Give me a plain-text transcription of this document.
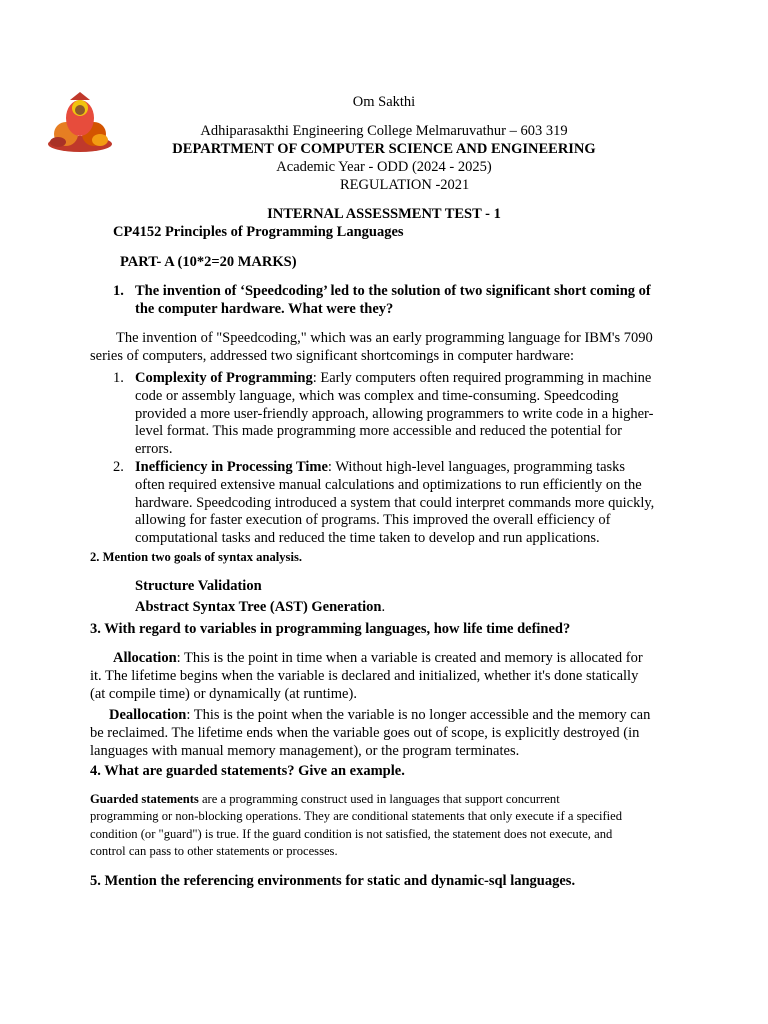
Om Sakthi
Adhiparasakthi Engineering College Melmaruvathur – 603 319
DEPARTMENT OF COMPUTER SCIENCE AND ENGINEERING
Academic Year - ODD (2024 - 2025)
REGULATION -2021
INTERNAL ASSESSMENT TEST - 1
CP4152 Principles of Programming Languages
PART- A (10*2=20 MARKS)
1. The invention of ‘Speedcoding’ led to the solution of two significant short coming of
the computer hardware. What were they?
The invention of "Speedcoding," which was an early programming language for IBM's 7090
series of computers, addressed two significant shortcomings in computer hardware:
1. Complexity of Programming: Early computers often required programming in machine
code or assembly language, which was complex and time-consuming. Speedcoding
provided a more user-friendly approach, allowing programmers to write code in a higher-
level format. This made programming more accessible and reduced the potential for
errors.
2. Inefficiency in Processing Time: Without high-level languages, programming tasks
often required extensive manual calculations and optimizations to run efficiently on the
hardware. Speedcoding introduced a system that could interpret commands more quickly,
allowing for faster execution of programs. This improved the overall efficiency of
computational tasks and reduced the time taken to develop and run applications.
2. Mention two goals of syntax analysis.
Structure Validation
Abstract Syntax Tree (AST) Generation.
3. With regard to variables in programming languages, how life time defined?
Allocation: This is the point in time when a variable is created and memory is allocated for
it. The lifetime begins when the variable is declared and initialized, whether it's done statically
(at compile time) or dynamically (at runtime).
Deallocation: This is the point when the variable is no longer accessible and the memory can
be reclaimed. The lifetime ends when the variable goes out of scope, is explicitly destroyed (in
languages with manual memory management), or the program terminates.
4. What are guarded statements? Give an example.
Guarded statements are a programming construct used in languages that support concurrent
programming or non-blocking operations. They are conditional statements that only execute if a specified
condition (or "guard") is true. If the guard condition is not satisfied, the statement does not execute, and
control can pass to other statements or processes.
5. Mention the referencing environments for static and dynamic-sql languages.
